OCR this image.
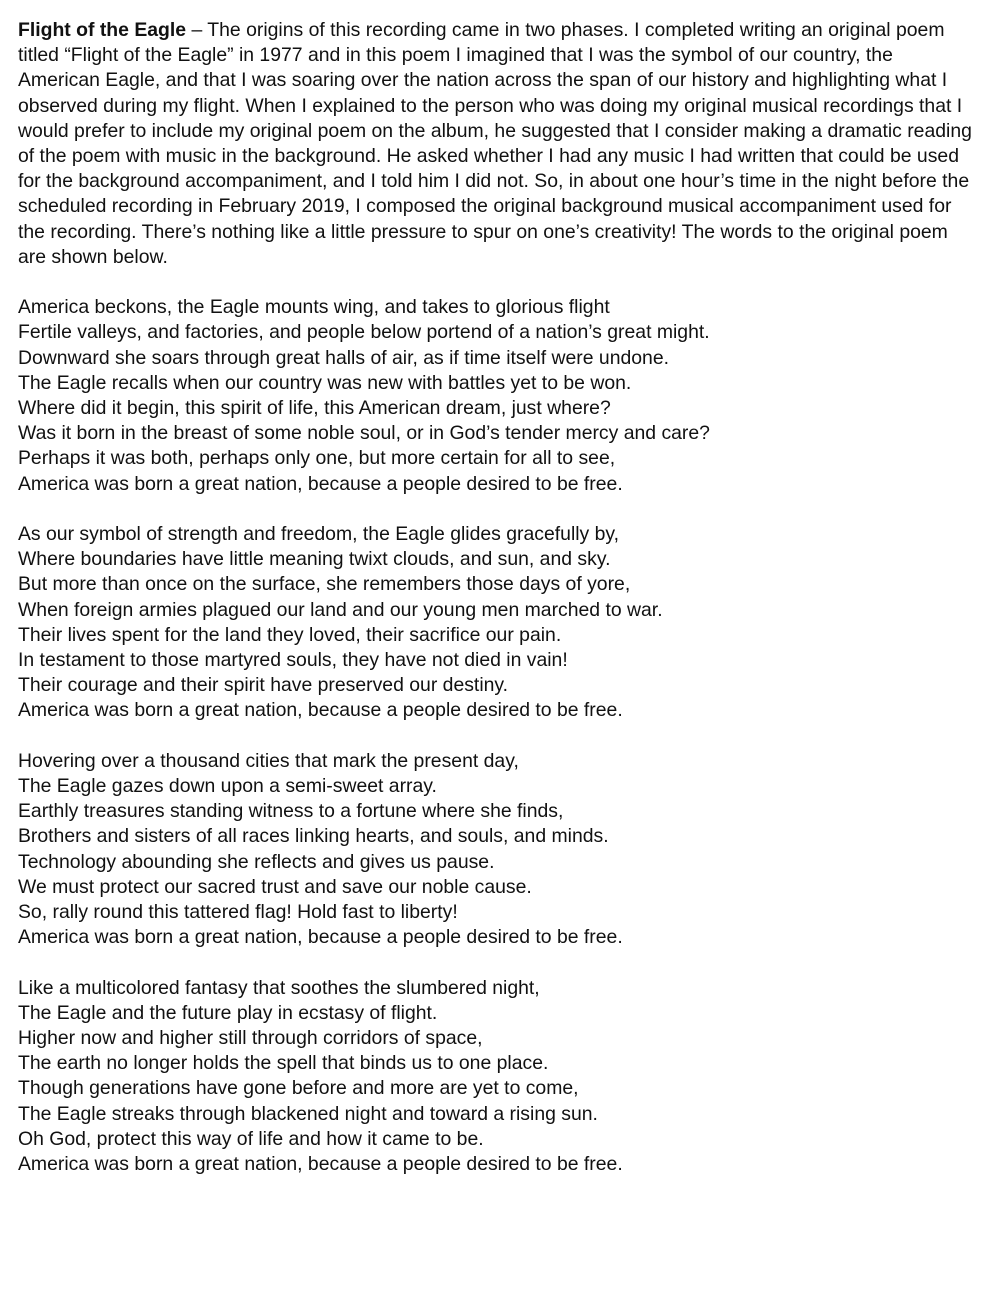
Flight of the Eagle – The origins of this recording came in two phases. I completed writing an original poem titled “Flight of the Eagle” in 1977 and in this poem I imagined that I was the symbol of our country, the American Eagle, and that I was soaring over the nation across the span of our history and highlighting what I observed during my flight. When I explained to the person who was doing my original musical recordings that I would prefer to include my original poem on the album, he suggested that I consider making a dramatic reading of the poem with music in the background. He asked whether I had any music I had written that could be used for the background accompaniment, and I told him I did not. So, in about one hour’s time in the night before the scheduled recording in February 2019, I composed the original background musical accompaniment used for the recording. There’s nothing like a little pressure to spur on one’s creativity! The words to the original poem are shown below.

America beckons, the Eagle mounts wing, and takes to glorious flight
Fertile valleys, and factories, and people below portend of a nation’s great might.
Downward she soars through great halls of air, as if time itself were undone.
The Eagle recalls when our country was new with battles yet to be won.
Where did it begin, this spirit of life, this American dream, just where?
Was it born in the breast of some noble soul, or in God’s tender mercy and care?
Perhaps it was both, perhaps only one, but more certain for all to see,
America was born a great nation, because a people desired to be free.
As our symbol of strength and freedom, the Eagle glides gracefully by,
Where boundaries have little meaning twixt clouds, and sun, and sky.
But more than once on the surface, she remembers those days of yore,
When foreign armies plagued our land and our young men marched to war.
Their lives spent for the land they loved, their sacrifice our pain.
In testament to those martyred souls, they have not died in vain!
Their courage and their spirit have preserved our destiny.
America was born a great nation, because a people desired to be free.
Hovering over a thousand cities that mark the present day,
The Eagle gazes down upon a semi-sweet array.
Earthly treasures standing witness to a fortune where she finds,
Brothers and sisters of all races linking hearts, and souls, and minds.
Technology abounding she reflects and gives us pause.
We must protect our sacred trust and save our noble cause.
So, rally round this tattered flag! Hold fast to liberty!
America was born a great nation, because a people desired to be free.
Like a multicolored fantasy that soothes the slumbered night,
The Eagle and the future play in ecstasy of flight.
Higher now and higher still through corridors of space,
The earth no longer holds the spell that binds us to one place.
Though generations have gone before and more are yet to come,
The Eagle streaks through blackened night and toward a rising sun.
Oh God, protect this way of life and how it came to be.
America was born a great nation, because a people desired to be free.
